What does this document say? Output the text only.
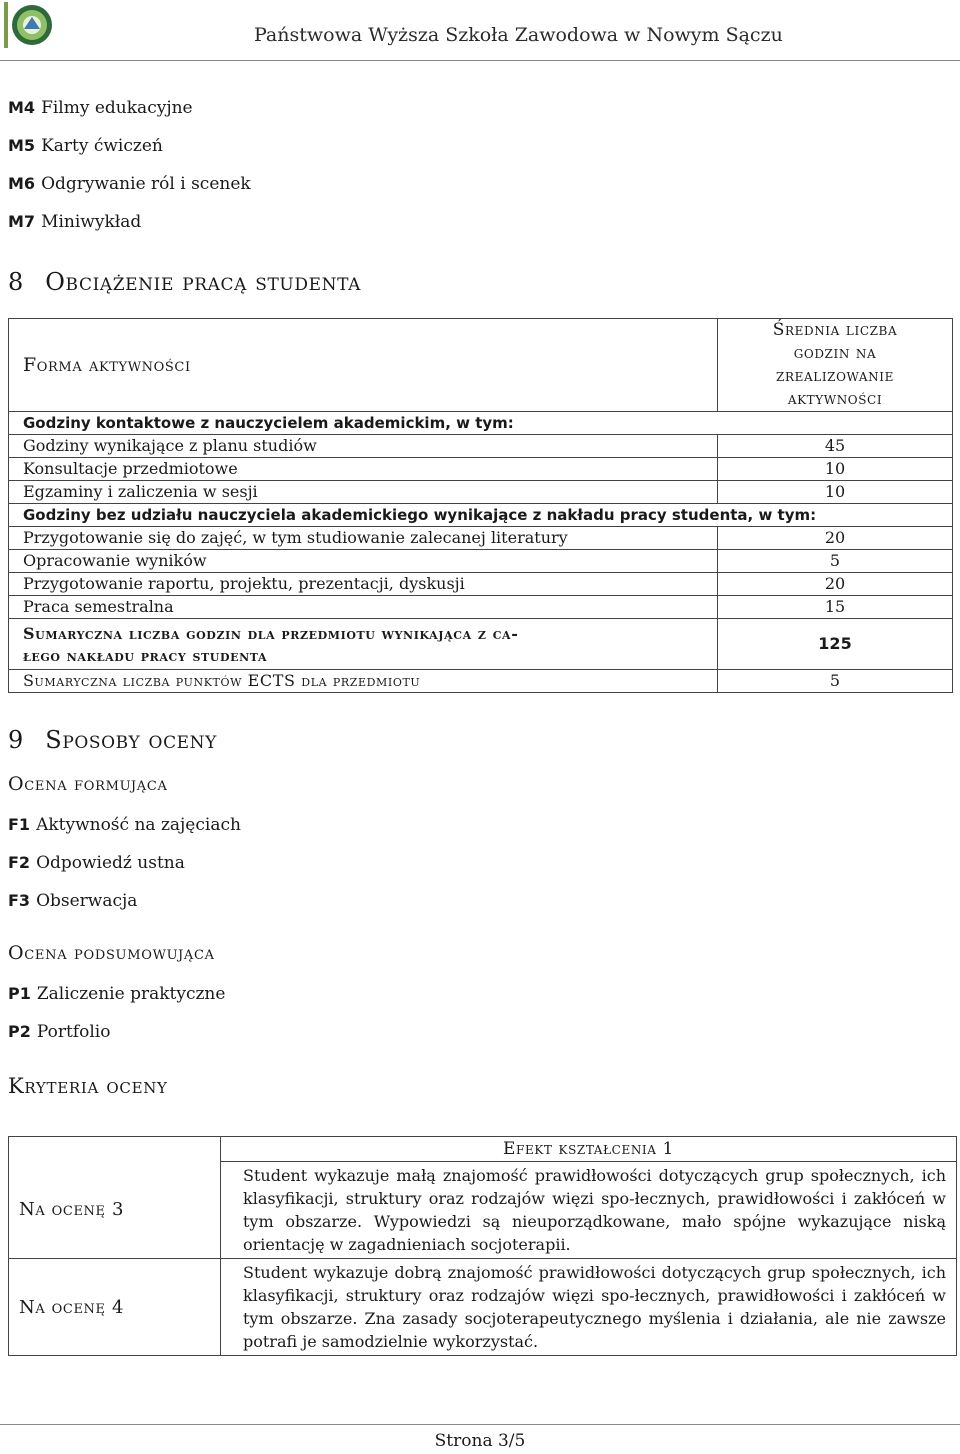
Państwowa Wyższa Szkoła Zawodowa w Nowym Sączu
M4 Filmy edukacyjne
M5 Karty ćwiczeń
M6 Odgrywanie ról i scenek
M7 Miniwykład
8 Obciążenie pracą studenta
Forma aktywności	Średnia liczba
godzin na
zrealizowanie
aktywności

Godziny kontaktowe z nauczycielem akademickim, w tym:	
Godziny wynikające z planu studiów	45
Konsultacje przedmiotowe	10
Egzaminy i zaliczenia w sesji	10
Godziny bez udziału nauczyciela akademickiego wynikające z nakładu pracy studenta, w tym:	
Przygotowanie się do zajęć, w tym studiowanie zalecanej literatury	20
Opracowanie wyników	5
Przygotowanie raportu, projektu, prezentacji, dyskusji	20
Praca semestralna	15

Sumaryczna liczba godzin dla przedmiotu wynikająca z ca-
łego nakładu pracy studenta	125
Sumaryczna liczba punktów ECTS dla przedmiotu	5
9 Sposoby oceny
Ocena formująca
F1 Aktywność na zajęciach
F2 Odpowiedź ustna
F3 Obserwacja
Ocena podsumowująca
P1 Zaliczenie praktyczne
P2 Portfolio
Kryteria oceny
	Efekt kształcenia 1
Na ocenę 3	Student wykazuje małą znajomość prawidłowości dotyczących grup społecznych, ich klasyfikacji, struktury oraz rodzajów więzi spo-łecznych, prawidłowości i zakłóceń w tym obszarze. Wypowiedzi są nieuporządkowane, mało spójne wykazujące niską orientację w zagadnieniach socjoterapii.
Na ocenę 4	Student wykazuje dobrą znajomość prawidłowości dotyczących grup społecznych, ich klasyfikacji, struktury oraz rodzajów więzi spo-łecznych, prawidłowości i zakłóceń w tym obszarze. Zna zasady socjoterapeutycznego myślenia i działania, ale nie zawsze potrafi je samodzielnie wykorzystać.
Strona 3/5
